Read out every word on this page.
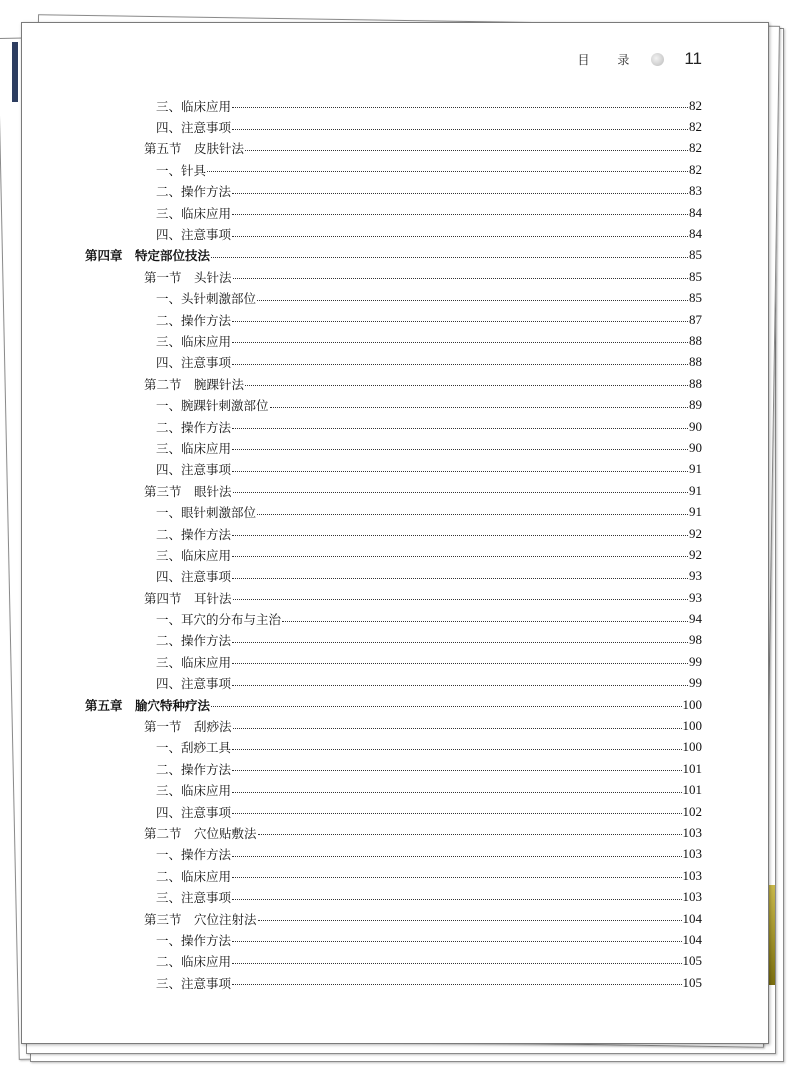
目 录	11
三、临床应用	82
四、注意事项	82
第五节　皮肤针法	82
一、针具	82
二、操作方法	83
三、临床应用	84
四、注意事项	84
第四章　特定部位技法	85
第一节　头针法	85
一、头针刺激部位	85
二、操作方法	87
三、临床应用	88
四、注意事项	88
第二节　腕踝针法	88
一、腕踝针刺激部位	89
二、操作方法	90
三、临床应用	90
四、注意事项	91
第三节　眼针法	91
一、眼针刺激部位	91
二、操作方法	92
三、临床应用	92
四、注意事项	93
第四节　耳针法	93
一、耳穴的分布与主治	94
二、操作方法	98
三、临床应用	99
四、注意事项	99
第五章　腧穴特种疗法	100
第一节　刮痧法	100
一、刮痧工具	100
二、操作方法	101
三、临床应用	101
四、注意事项	102
第二节　穴位贴敷法	103
一、操作方法	103
二、临床应用	103
三、注意事项	103
第三节　穴位注射法	104
一、操作方法	104
二、临床应用	105
三、注意事项	105
